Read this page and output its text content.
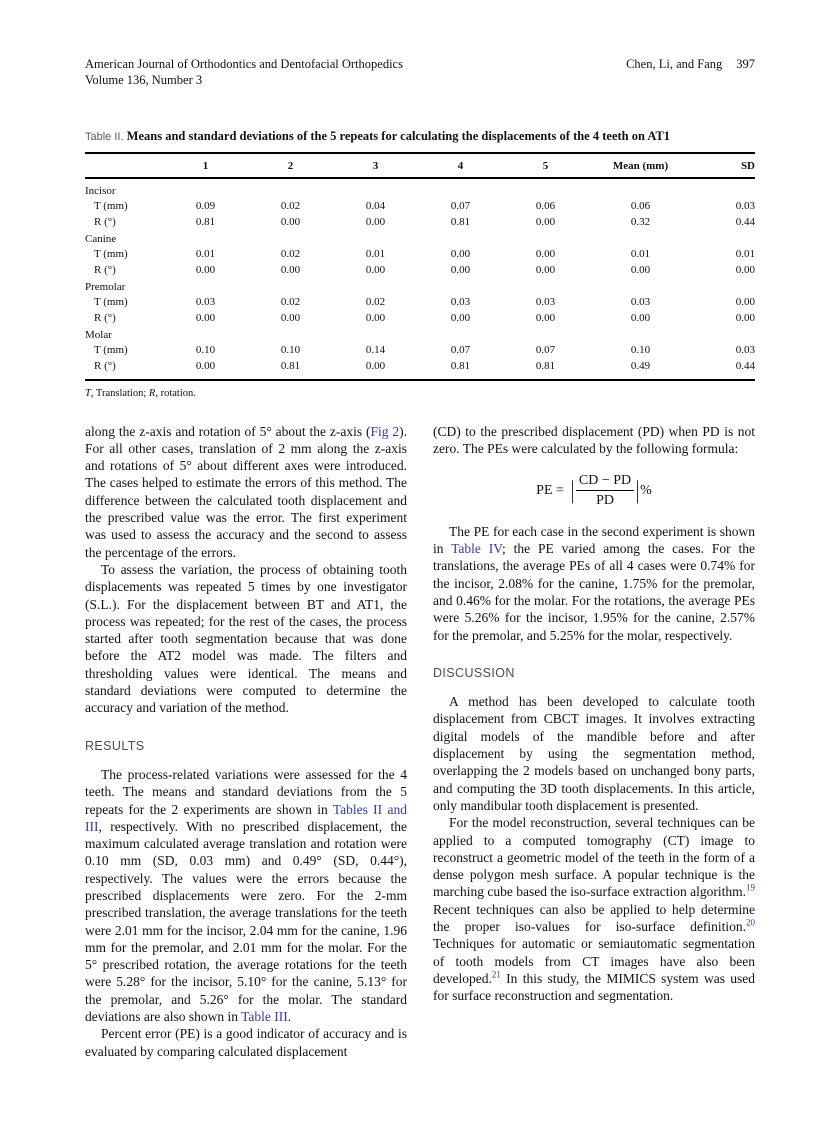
American Journal of Orthodontics and Dentofacial Orthopedics
Volume 136, Number 3
Chen, Li, and Fang 397
Table II. Means and standard deviations of the 5 repeats for calculating the displacements of the 4 teeth on AT1
	1	2	3	4	5	Mean (mm)	SD
Incisor							
T (mm)	0.09	0.02	0.04	0.07	0.06	0.06	0.03
R (°)	0.81	0.00	0.00	0.81	0.00	0.32	0.44
Canine							
T (mm)	0.01	0.02	0.01	0.00	0.00	0.01	0.01
R (°)	0.00	0.00	0.00	0.00	0.00	0.00	0.00
Premolar							
T (mm)	0.03	0.02	0.02	0.03	0.03	0.03	0.00
R (°)	0.00	0.00	0.00	0.00	0.00	0.00	0.00
Molar							
T (mm)	0.10	0.10	0.14	0.07	0.07	0.10	0.03
R (°)	0.00	0.81	0.00	0.81	0.81	0.49	0.44
T, Translation; R, rotation.

along the z-axis and rotation of 5° about the z-axis (Fig 2). For all other cases, translation of 2 mm along the z-axis and rotations of 5° about different axes were introduced. The cases helped to estimate the errors of this method. The difference between the calculated tooth displacement and the prescribed value was the error. The first experiment was used to assess the accuracy and the second to assess the percentage of the errors.

To assess the variation, the process of obtaining tooth displacements was repeated 5 times by one investigator (S.L.). For the displacement between BT and AT1, the process was repeated; for the rest of the cases, the process started after tooth segmentation because that was done before the AT2 model was made. The filters and thresholding values were identical. The means and standard deviations were computed to determine the accuracy and variation of the method.

RESULTS

The process-related variations were assessed for the 4 teeth. The means and standard deviations from the 5 repeats for the 2 experiments are shown in Tables II and III, respectively. With no prescribed displacement, the maximum calculated average translation and rotation were 0.10 mm (SD, 0.03 mm) and 0.49° (SD, 0.44°), respectively. The values were the errors because the prescribed displacements were zero. For the 2-mm prescribed translation, the average translations for the teeth were 2.01 mm for the incisor, 2.04 mm for the canine, 1.96 mm for the premolar, and 2.01 mm for the molar. For the 5° prescribed rotation, the average rotations for the teeth were 5.28° for the incisor, 5.10° for the canine, 5.13° for the premolar, and 5.26° for the molar. The standard deviations are also shown in Table III.

Percent error (PE) is a good indicator of accuracy and is evaluated by comparing calculated displacement

(CD) to the prescribed displacement (PD) when PD is not zero. The PEs were calculated by the following formula:

PE = | $\frac{CD - PD}{PD}$ | %

The PE for each case in the second experiment is shown in Table IV; the PE varied among the cases. For the translations, the average PEs of all 4 cases were 0.74% for the incisor, 2.08% for the canine, 1.75% for the premolar, and 0.46% for the molar. For the rotations, the average PEs were 5.26% for the incisor, 1.95% for the canine, 2.57% for the premolar, and 5.25% for the molar, respectively.

DISCUSSION

A method has been developed to calculate tooth displacement from CBCT images. It involves extracting digital models of the mandible before and after displacement by using the segmentation method, overlapping the 2 models based on unchanged bony parts, and computing the 3D tooth displacements. In this article, only mandibular tooth displacement is presented.

For the model reconstruction, several techniques can be applied to a computed tomography (CT) image to reconstruct a geometric model of the teeth in the form of a dense polygon mesh surface. A popular technique is the marching cube based the iso-surface extraction algorithm.$^{19}$ Recent techniques can also be applied to help determine the proper iso-values for iso-surface definition.$^{20}$ Techniques for automatic or semiautomatic segmentation of tooth models from CT images have also been developed.$^{21}$ In this study, the MIMICS system was used for surface reconstruction and segmentation.
